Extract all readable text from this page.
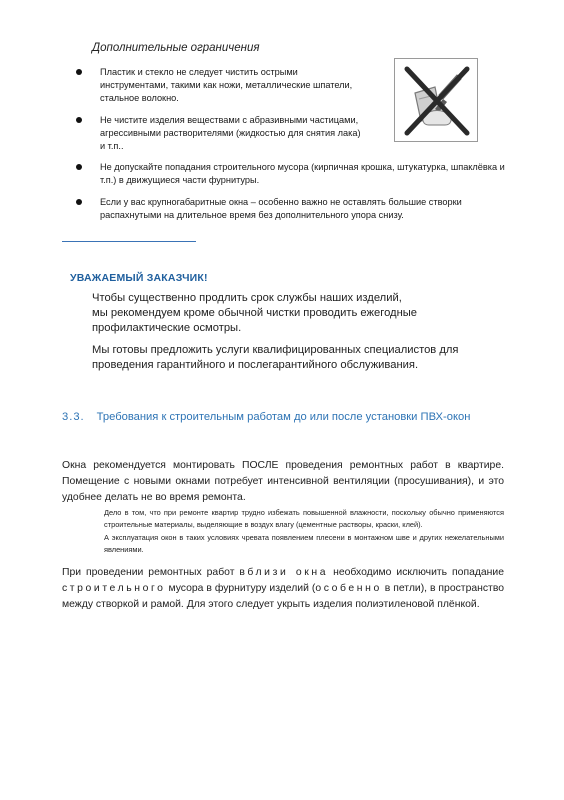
Дополнительные ограничения
Пластик и стекло не следует чистить острыми инструментами, такими как ножи, металлические шпатели, стальное волокно.
Не чистите изделия веществами с абразивными частицами, агрессивными растворителями (жидкостью для снятия лака) и т.п..
Не допускайте попадания строительного мусора (кирпичная крошка, штукатурка, шпаклёвка и т.п.) в движущиеся части фурнитуры.
Если у вас крупногабаритные окна – особенно важно не оставлять большие створки распахнутыми на длительное время без дополнительного упора снизу.
УВАЖАЕМЫЙ ЗАКАЗЧИК!
Чтобы существенно продлить срок службы наших изделий,
мы рекомендуем кроме обычной чистки проводить ежегодные
профилактические осмотры.
Мы готовы предложить услуги квалифицированных специалистов для
проведения гарантийного и послегарантийного обслуживания.
3.3. Требования к строительным работам до или после установки ПВХ-окон
Окна рекомендуется монтировать ПОСЛЕ проведения ремонтных работ в квартире. Помещение с новыми окнами потребует интенсивной вентиляции (просушивания), и это удобнее делать не во время ремонта.
Дело в том, что при ремонте квартир трудно избежать повышенной влажности, поскольку обычно применяются строительные материалы, выделяющие в воздух влагу (цементные растворы, краски, клей).
А эксплуатация окон в таких условиях чревата появлением плесени в монтажном шве и других нежелательными явлениями.
При проведении ремонтных работ вблизи окна необходимо исключить попадание строительного мусора в фурнитуру изделий (особенно в петли), в пространство между створкой и рамой. Для этого следует укрыть изделия полиэтиленовой плёнкой.
